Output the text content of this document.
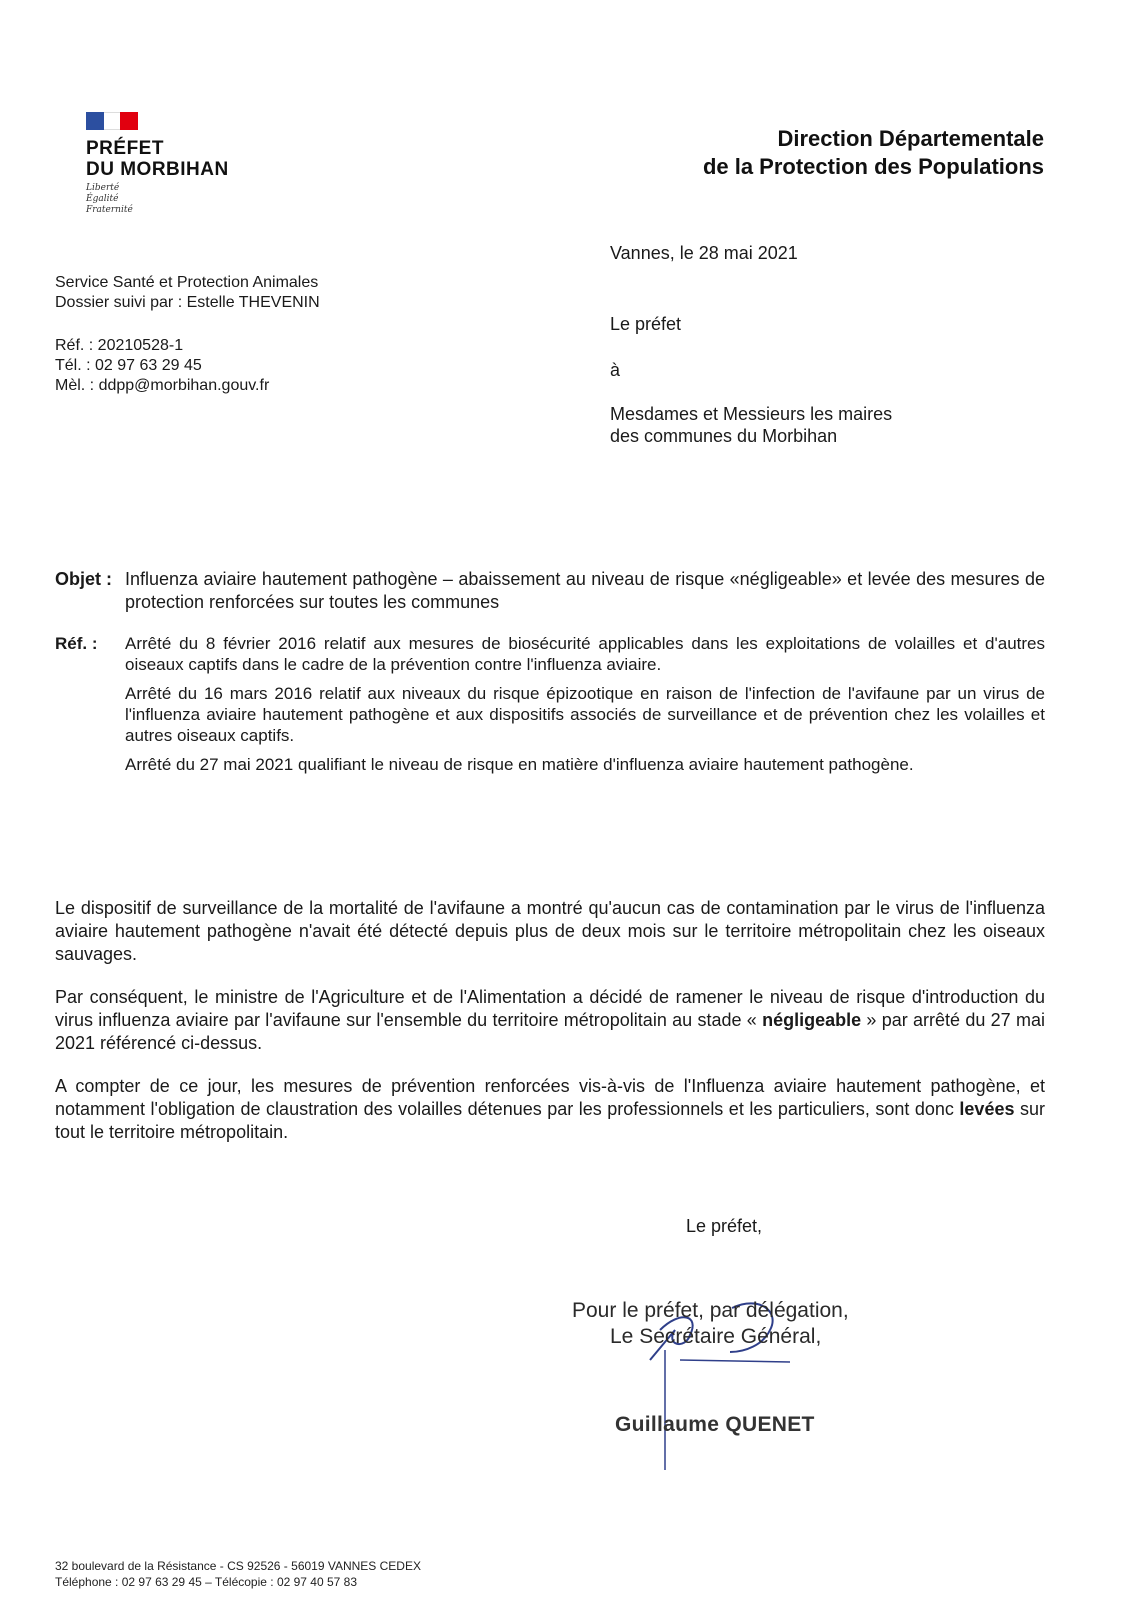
PRÉFET
DU MORBIHAN
Liberté
Égalité
Fraternité
Direction Départementale
de la Protection des Populations
Vannes, le 28 mai 2021
Service Santé et Protection Animales
Dossier suivi par : Estelle THEVENIN
Réf. : 20210528-1
Tél. : 02 97 63 29 45
Mèl. : ddpp@morbihan.gouv.fr
Le préfet
à
Mesdames et Messieurs les maires
des communes du Morbihan
Objet : Influenza aviaire hautement pathogène – abaissement au niveau de risque «négligeable» et levée des mesures de protection renforcées sur toutes les communes
Réf. :	Arrêté du 8 février 2016 relatif aux mesures de biosécurité applicables dans les exploitations de volailles et d'autres oiseaux captifs dans le cadre de la prévention contre l'influenza aviaire.

Arrêté du 16 mars 2016 relatif aux niveaux du risque épizootique en raison de l'infection de l'avifaune par un virus de l'influenza aviaire hautement pathogène et aux dispositifs associés de surveillance et de prévention chez les volailles et autres oiseaux captifs.

Arrêté du 27 mai 2021 qualifiant le niveau de risque en matière d'influenza aviaire hautement pathogène.

Le dispositif de surveillance de la mortalité de l'avifaune a montré qu'aucun cas de contamination par le virus de l'influenza aviaire hautement pathogène n'avait été détecté depuis plus de deux mois sur le territoire métropolitain chez les oiseaux sauvages.

Par conséquent, le ministre de l'Agriculture et de l'Alimentation a décidé de ramener le niveau de risque d'introduction du virus influenza aviaire par l'avifaune sur l'ensemble du territoire métropolitain au stade « négligeable » par arrêté du 27 mai 2021 référencé ci-dessus.

A compter de ce jour, les mesures de prévention renforcées vis-à-vis de l'Influenza aviaire hautement pathogène, et notamment l'obligation de claustration des volailles détenues par les professionnels et les particuliers, sont donc levées sur tout le territoire métropolitain.

Le préfet,
Pour le préfet, par délégation,
Le Secrétaire Général,
Guillaume QUENET
32 boulevard de la Résistance - CS 92526 - 56019 VANNES CEDEX
Téléphone : 02 97 63 29 45 – Télécopie : 02 97 40 57 83
